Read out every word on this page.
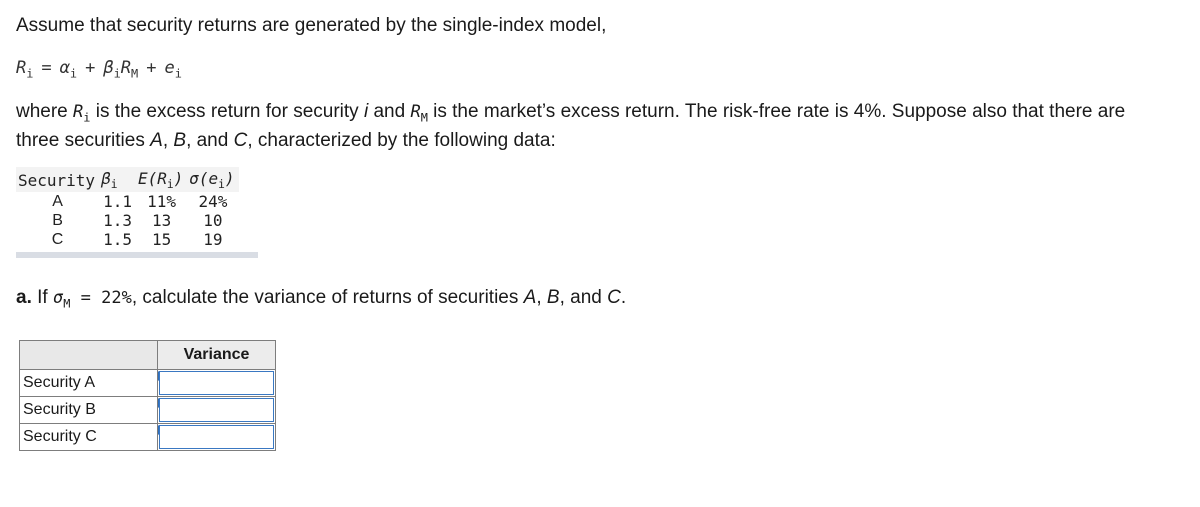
Assume that security returns are generated by the single-index model,
$R_i = \alpha_i + \beta_iR_M + e_i$
where $R_i$ is the excess return for security i and $R_M$ is the market’s excess return. The risk-free rate is 4%. Suppose also that there are three securities A, B, and C, characterized by the following data:
Security	$\beta_i$	$E(R_i)$	$\sigma(e_i)$
A	1.1	11%	24%
B	1.3	13	10
C	1.5	15	19
a. If $\sigma_M = 22\%$, calculate the variance of returns of securities A, B, and C.
	Variance
Security A	

Security B	

Security C	
